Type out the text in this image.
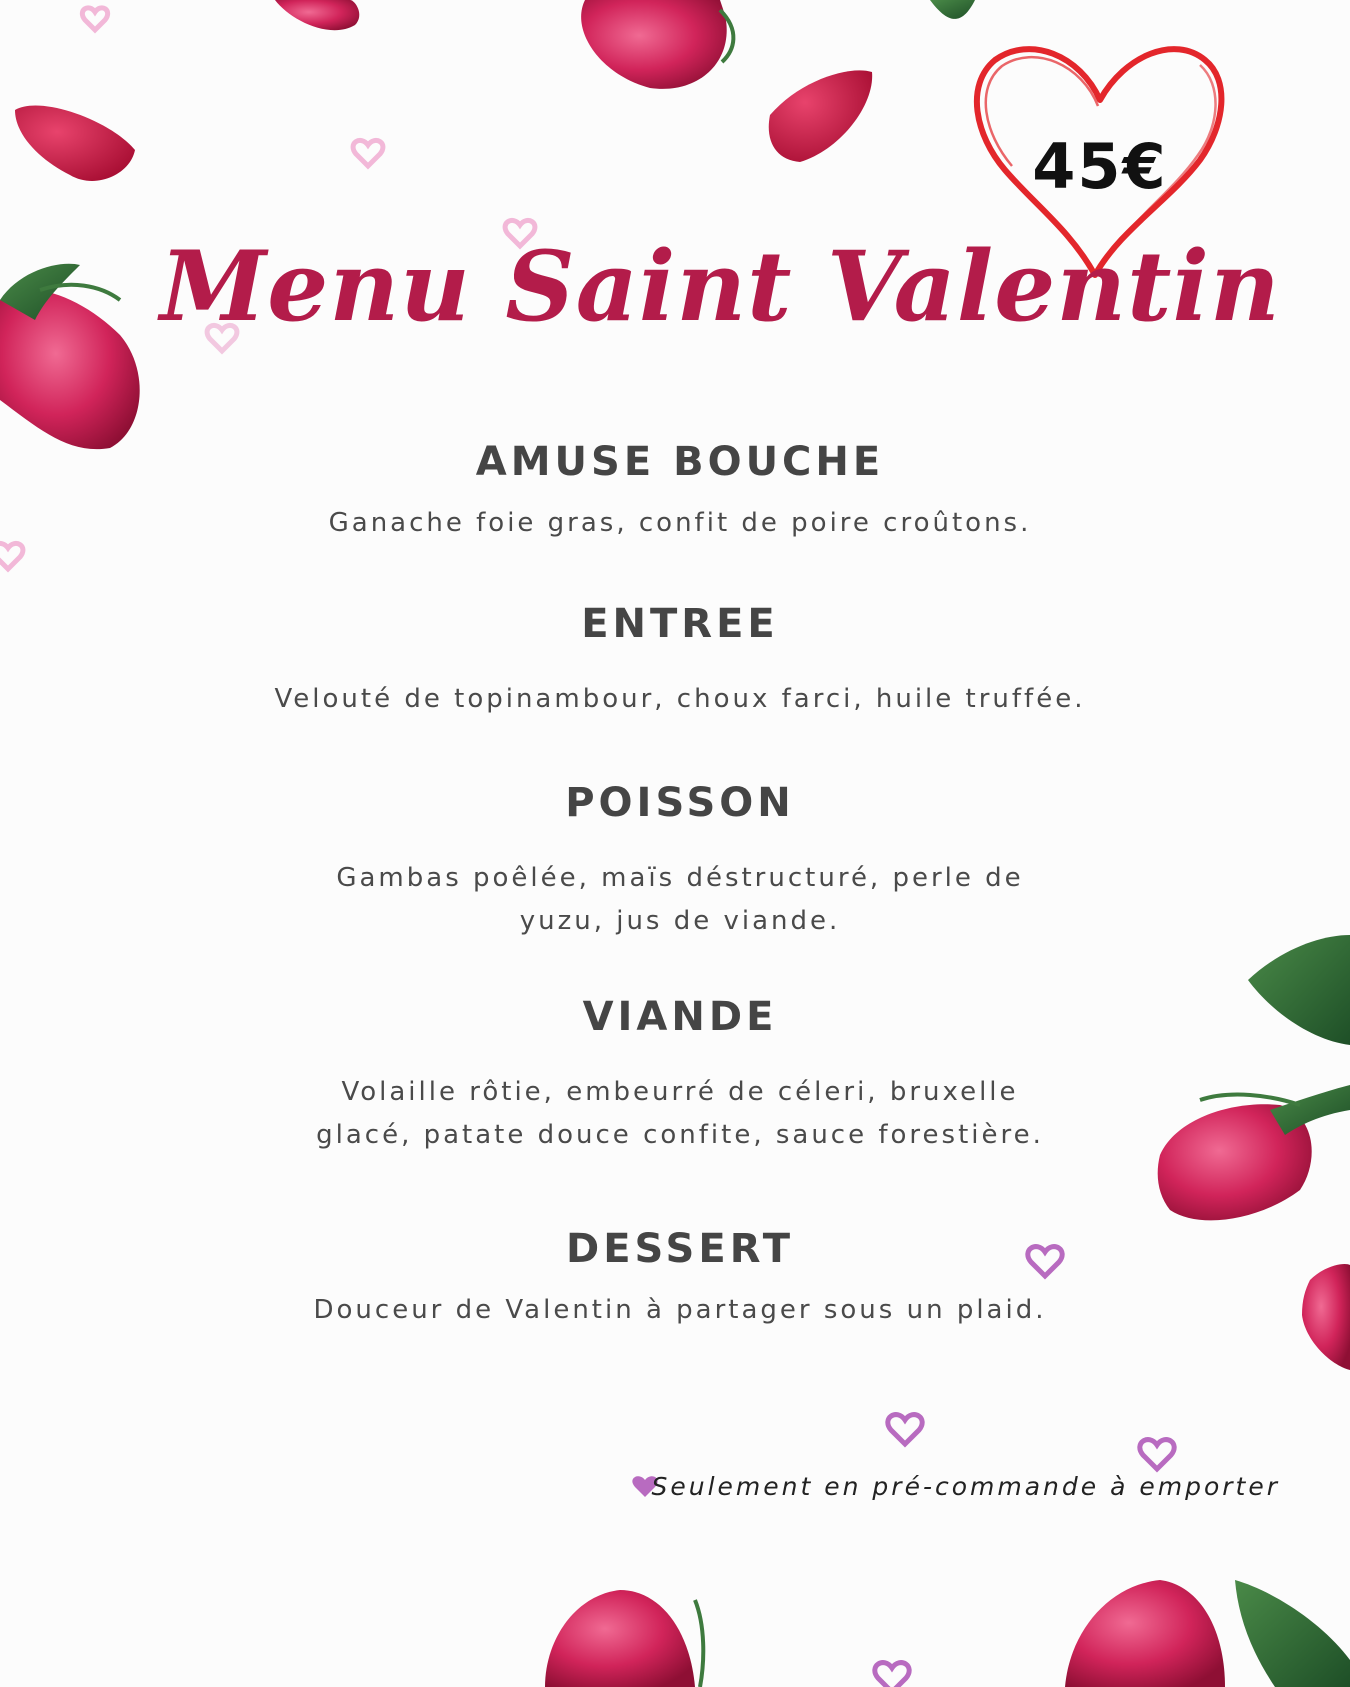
45€
Menu Saint Valentin

AMUSE BOUCHE

Ganache foie gras, confit de poire croûtons.

ENTREE

Velouté de topinambour, choux farci, huile truffée.

POISSON

Gambas poêlée, maïs déstructuré, perle de yuzu, jus de viande.

VIANDE

Volaille rôtie, embeurré de céleri, bruxelle glacé, patate douce confite, sauce forestière.

DESSERT

Douceur de Valentin à partager sous un plaid.

Seulement en pré-commande à emporter
